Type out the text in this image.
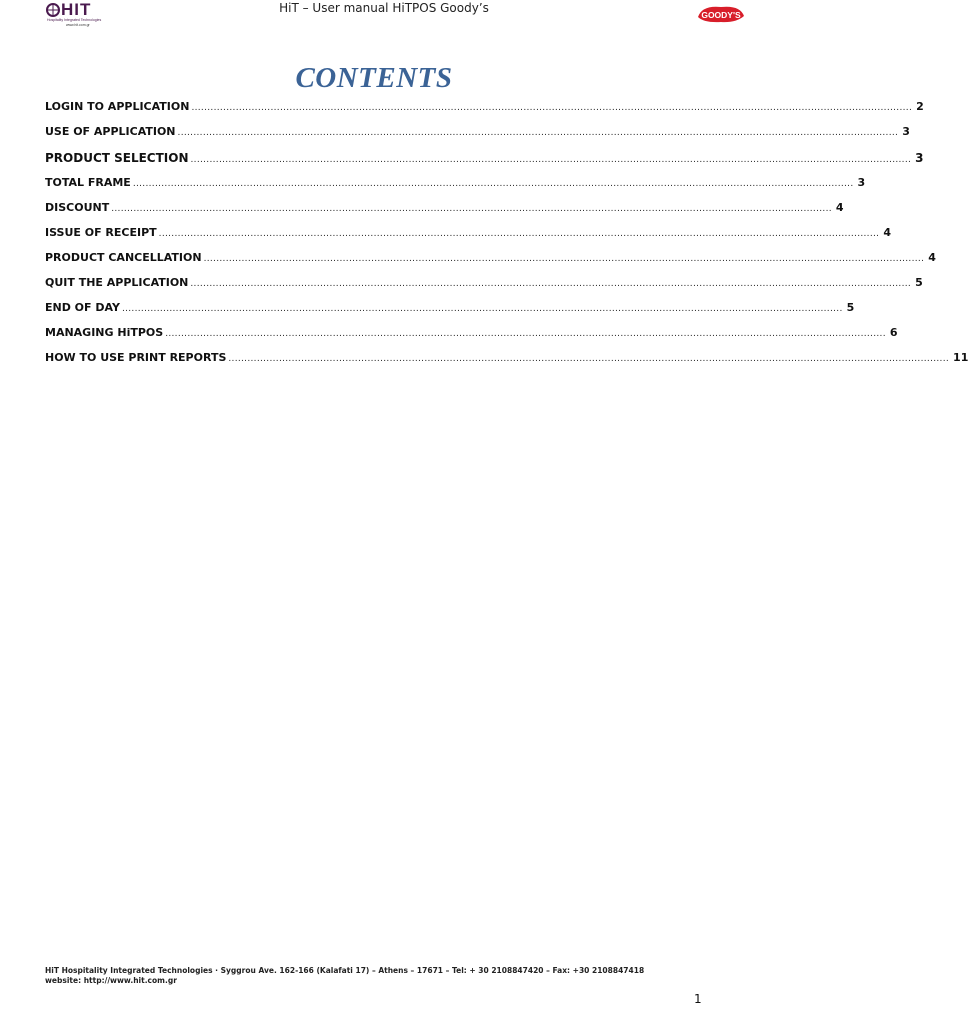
HIT
Hospitality Integrated Technologies
www.hit.com.gr
HiT – User manual HiTPOS Goody’s	GOODY'S
CONTENTS
LOGIN TO APPLICATION .................................................................................................................................................................................................................................... 2
USE OF APPLICATION .................................................................................................................................................................................................................................... 3
PRODUCT SELECTION .................................................................................................................................................................................................................................... 3
TOTAL FRAME .................................................................................................................................................................................................................................... 3
DISCOUNT .................................................................................................................................................................................................................................... 4
ISSUE OF RECEIPT .................................................................................................................................................................................................................................... 4
PRODUCT CANCELLATION .................................................................................................................................................................................................................................... 4
QUIT THE APPLICATION .................................................................................................................................................................................................................................... 5
END OF DAY .................................................................................................................................................................................................................................... 5
MANAGING HiTPOS .................................................................................................................................................................................................................................... 6
HOW TO USE PRINT REPORTS .................................................................................................................................................................................................................................... 11
HiT Hospitality Integrated Technologies · Syggrou Ave. 162-166 (Kalafati 17) – Athens – 17671 – Tel: + 30 2108847420 – Fax: +30 2108847418
website: http://www.hit.com.gr
1
